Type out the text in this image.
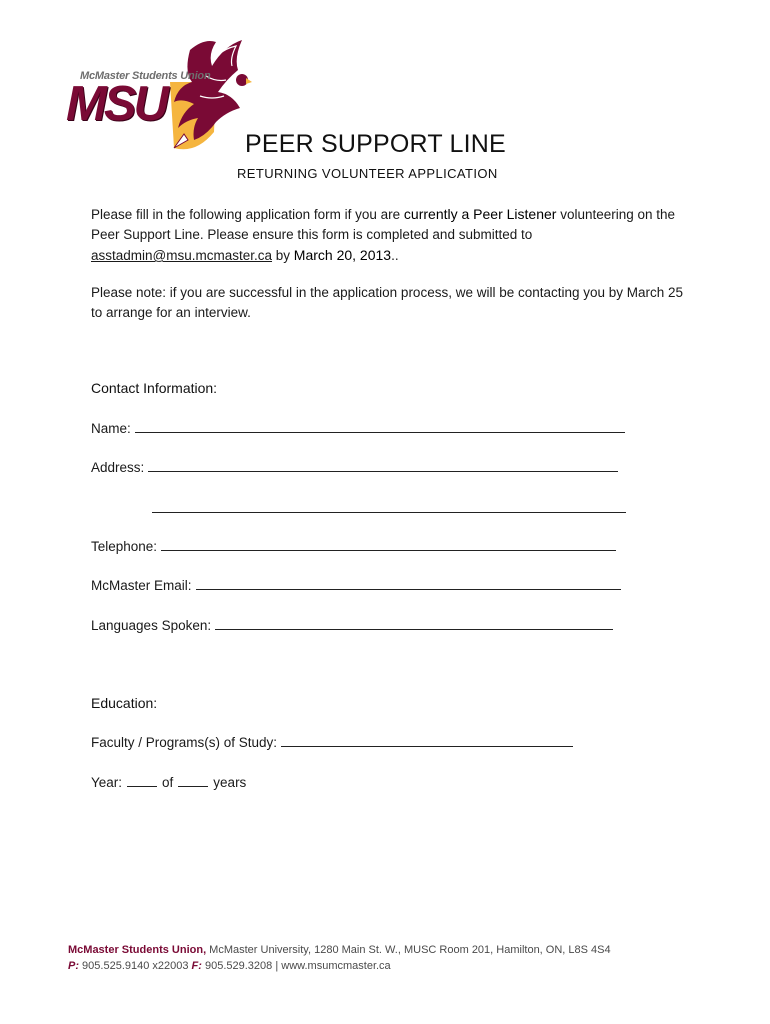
McMaster Students Union
MSU
PEER SUPPORT LINE
RETURNING VOLUNTEER APPLICATION
Please fill in the following application form if you are currently a Peer Listener volunteering on the Peer Support Line. Please ensure this form is completed and submitted to asstadmin@msu.mcmaster.ca by March 20, 2013..
Please note: if you are successful in the application process, we will be contacting you by March 25 to arrange for an interview.
Contact Information:
Name:
Address:
Telephone:
McMaster Email:
Languages Spoken:
Education:
Faculty / Programs(s) of Study:
Year:	of	years
McMaster Students Union, McMaster University, 1280 Main St. W., MUSC Room 201, Hamilton, ON, L8S 4S4
P: 905.525.9140 x22003 F: 905.529.3208 | www.msumcmaster.ca
